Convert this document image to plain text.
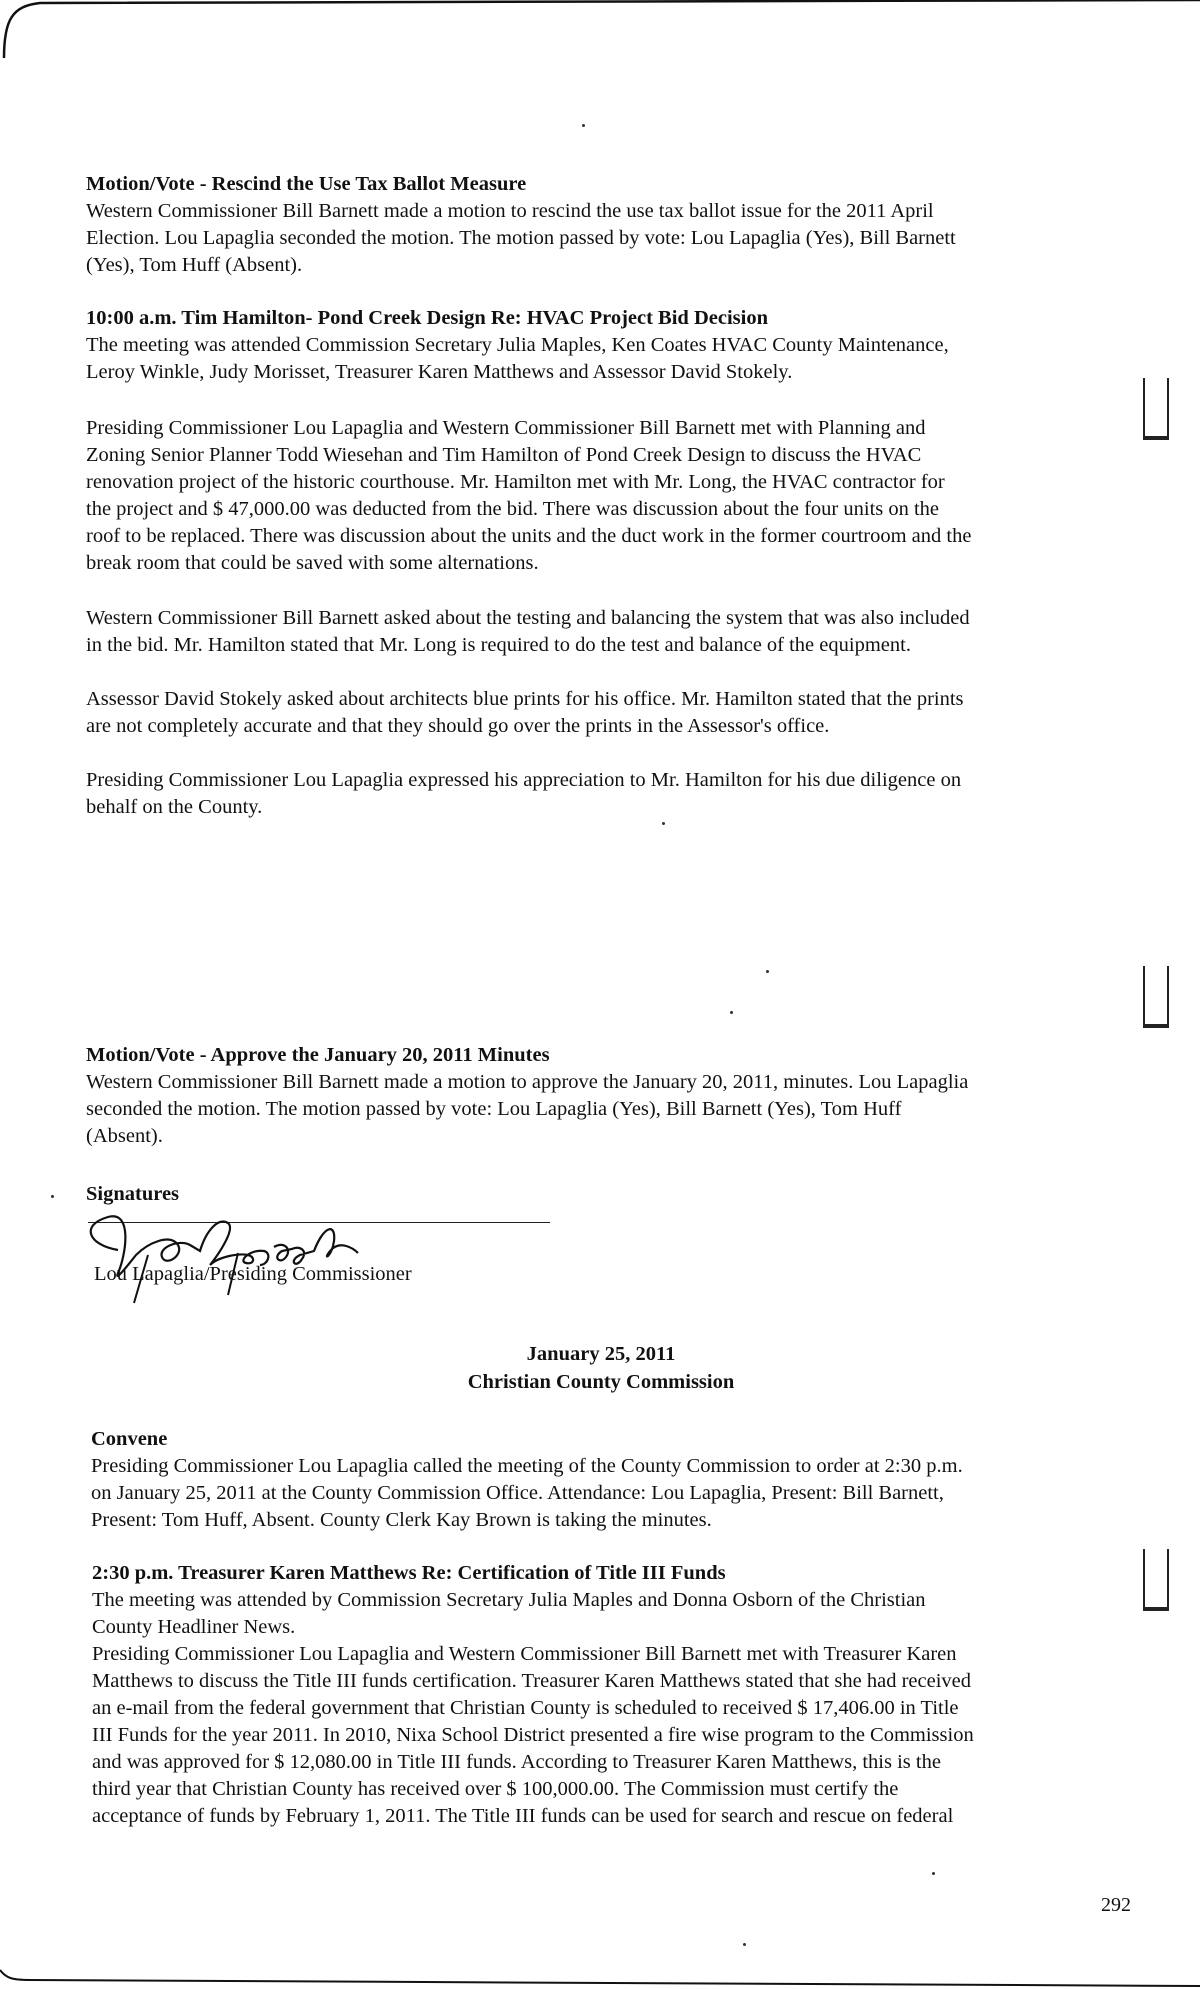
Motion/Vote - Rescind the Use Tax Ballot Measure

Western Commissioner Bill Barnett made a motion to rescind the use tax ballot issue for the 2011 April

Election. Lou Lapaglia seconded the motion. The motion passed by vote: Lou Lapaglia (Yes), Bill Barnett

(Yes), Tom Huff (Absent).

10:00 a.m. Tim Hamilton- Pond Creek Design Re: HVAC Project Bid Decision

The meeting was attended Commission Secretary Julia Maples, Ken Coates HVAC County Maintenance,

Leroy Winkle, Judy Morisset, Treasurer Karen Matthews and Assessor David Stokely.

Presiding Commissioner Lou Lapaglia and Western Commissioner Bill Barnett met with Planning and

Zoning Senior Planner Todd Wiesehan and Tim Hamilton of Pond Creek Design to discuss the HVAC

renovation project of the historic courthouse. Mr. Hamilton met with Mr. Long, the HVAC contractor for

the project and $ 47,000.00 was deducted from the bid. There was discussion about the four units on the

roof to be replaced. There was discussion about the units and the duct work in the former courtroom and the

break room that could be saved with some alternations.

Western Commissioner Bill Barnett asked about the testing and balancing the system that was also included

in the bid. Mr. Hamilton stated that Mr. Long is required to do the test and balance of the equipment.

Assessor David Stokely asked about architects blue prints for his office. Mr. Hamilton stated that the prints

are not completely accurate and that they should go over the prints in the Assessor's office.

Presiding Commissioner Lou Lapaglia expressed his appreciation to Mr. Hamilton for his due diligence on

behalf on the County.

Motion/Vote - Approve the January 20, 2011 Minutes

Western Commissioner Bill Barnett made a motion to approve the January 20, 2011, minutes. Lou Lapaglia

seconded the motion. The motion passed by vote: Lou Lapaglia (Yes), Bill Barnett (Yes), Tom Huff

(Absent).

Signatures
Lou Lapaglia/Presiding Commissioner
January 25, 2011
Christian County Commission
Convene

Presiding Commissioner Lou Lapaglia called the meeting of the County Commission to order at 2:30 p.m.

on January 25, 2011 at the County Commission Office. Attendance: Lou Lapaglia, Present: Bill Barnett,

Present: Tom Huff, Absent. County Clerk Kay Brown is taking the minutes.

2:30 p.m. Treasurer Karen Matthews Re: Certification of Title III Funds

The meeting was attended by Commission Secretary Julia Maples and Donna Osborn of the Christian

County Headliner News.

Presiding Commissioner Lou Lapaglia and Western Commissioner Bill Barnett met with Treasurer Karen

Matthews to discuss the Title III funds certification. Treasurer Karen Matthews stated that she had received

an e-mail from the federal government that Christian County is scheduled to received $ 17,406.00 in Title

III Funds for the year 2011. In 2010, Nixa School District presented a fire wise program to the Commission

and was approved for $ 12,080.00 in Title III funds. According to Treasurer Karen Matthews, this is the

third year that Christian County has received over $ 100,000.00. The Commission must certify the

acceptance of funds by February 1, 2011. The Title III funds can be used for search and rescue on federal

292
